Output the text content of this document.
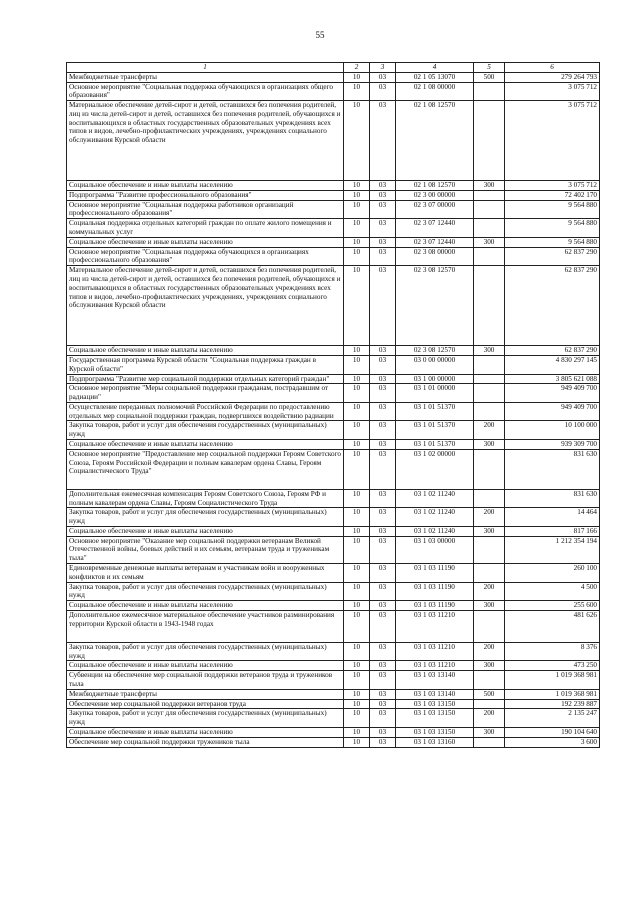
55
1	2	3	4	5	6
Межбюджетные трансферты	10	03	02 1 05 13070	500	279 264 793
Основное мероприятие "Социальная поддержка обучающихся в организациях общего образования"	10	03	02 1 08 00000		3 075 712
Материальное обеспечение детей-сирот и детей, оставшихся без попечения родителей, лиц из числа детей-сирот и детей, оставшихся без попечения родителей, обучающихся и воспитывающихся в областных государственных образовательных учреждениях всех типов и видов, лечебно-профилактических учреждениях, учреждениях социального обслуживания Курской области	10	03	02 1 08 12570		3 075 712
Социальное обеспечение и иные выплаты населению	10	03	02 1 08 12570	300	3 075 712
Подпрограмма "Развитие профессионального образования"	10	03	02 3 00 00000		72 402 170
Основное мероприятие "Социальная поддержка работников организаций профессионального образования"	10	03	02 3 07 00000		9 564 880
Социальная поддержка отдельных категорий граждан по оплате жилого помещения и коммунальных услуг	10	03	02 3 07 12440		9 564 880
Социальное обеспечение и иные выплаты населению	10	03	02 3 07 12440	300	9 564 880
Основное мероприятие "Социальная поддержка обучающихся в организациях профессионального образования"	10	03	02 3 08 00000		62 837 290
Материальное обеспечение детей-сирот и детей, оставшихся без попечения родителей, лиц из числа детей-сирот и детей, оставшихся без попечения родителей, обучающихся и воспитывающихся в областных государственных образовательных учреждениях всех типов и видов, лечебно-профилактических учреждениях, учреждениях социального обслуживания Курской области	10	03	02 3 08 12570		62 837 290
Социальное обеспечение и иные выплаты населению	10	03	02 3 08 12570	300	62 837 290
Государственная программа Курской области "Социальная поддержка граждан в Курской области"	10	03	03 0 00 00000		4 830 297 145
Подпрограмма "Развитие мер социальной поддержки отдельных категорий граждан"	10	03	03 1 00 00000		3 805 621 088
Основное мероприятие "Меры социальной поддержки гражданам, пострадавшим от радиации"	10	03	03 1 01 00000		949 409 700
Осуществление переданных полномочий Российской Федерации по предоставлению отдельных мер социальной поддержки граждан, подвергшихся воздействию радиации	10	03	03 1 01 51370		949 409 700
Закупка товаров, работ и услуг для обеспечения государственных (муниципальных) нужд	10	03	03 1 01 51370	200	10 100 000
Социальное обеспечение и иные выплаты населению	10	03	03 1 01 51370	300	939 309 700
Основное мероприятие "Предоставление мер социальной поддержки Героям Советского Союза, Героям Российской Федерации и полным кавалерам ордена Славы, Героям Социалистического Труда"	10	03	03 1 02 00000		831 630
Дополнительная ежемесячная компенсация Героям Советского Союза, Героям РФ и полным кавалерам ордена Славы, Героям Социалистического Труда	10	03	03 1 02 11240		831 630
Закупка товаров, работ и услуг для обеспечения государственных (муниципальных) нужд	10	03	03 1 02 11240	200	14 464
Социальное обеспечение и иные выплаты населению	10	03	03 1 02 11240	300	817 166
Основное мероприятие "Оказание мер социальной поддержки ветеранам Великой Отечественной войны, боевых действий и их семьям, ветеранам труда и труженикам тыла"	10	03	03 1 03 00000		1 212 354 194
Единовременные денежные выплаты ветеранам и участникам войн и вооруженных конфликтов и их семьям	10	03	03 1 03 11190		260 100
Закупка товаров, работ и услуг для обеспечения государственных (муниципальных) нужд	10	03	03 1 03 11190	200	4 500
Социальное обеспечение и иные выплаты населению	10	03	03 1 03 11190	300	255 600
Дополнительное ежемесячное материальное обеспечение участников разминирования территории Курской области в 1943-1948 годах	10	03	03 1 03 11210		481 626
Закупка товаров, работ и услуг для обеспечения государственных (муниципальных) нужд	10	03	03 1 03 11210	200	8 376
Социальное обеспечение и иные выплаты населению	10	03	03 1 03 11210	300	473 250
Субвенции на обеспечение мер социальной поддержки ветеранов труда и тружеников тыла	10	03	03 1 03 13140		1 019 368 981
Межбюджетные трансферты	10	03	03 1 03 13140	500	1 019 368 981
Обеспечение мер социальной поддержки ветеранов труда	10	03	03 1 03 13150		192 239 887
Закупка товаров, работ и услуг для обеспечения государственных (муниципальных) нужд	10	03	03 1 03 13150	200	2 135 247
Социальное обеспечение и иные выплаты населению	10	03	03 1 03 13150	300	190 104 640
Обеспечение мер социальной поддержки тружеников тыла	10	03	03 1 03 13160		3 600
